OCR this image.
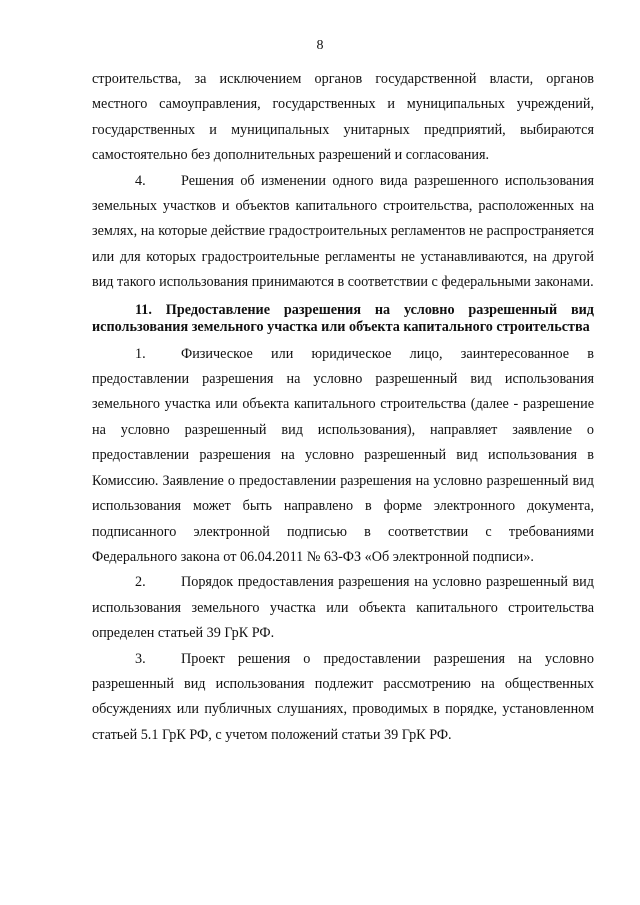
8

строительства, за исключением органов государственной власти, органов местного самоуправления, государственных и муниципальных учреждений, государственных и муниципальных унитарных предприятий, выбираются самостоятельно без дополнительных разрешений и согласования.

4. Решения об изменении одного вида разрешенного использования земельных участков и объектов капитального строительства, расположенных на землях, на которые действие градостроительных регламентов не распространяется или для которых градостроительные регламенты не устанавливаются, на другой вид такого использования принимаются в соответствии с федеральными законами.

11. Предоставление разрешения на условно разрешенный вид использования земельного участка или объекта капитального строительства

1. Физическое или юридическое лицо, заинтересованное в предоставлении разрешения на условно разрешенный вид использования земельного участка или объекта капитального строительства (далее - разрешение на условно разрешенный вид использования), направляет заявление о предоставлении разрешения на условно разрешенный вид использования в Комиссию. Заявление о предоставлении разрешения на условно разрешенный вид использования может быть направлено в форме электронного документа, подписанного электронной подписью в соответствии с требованиями Федерального закона от 06.04.2011 № 63-ФЗ «Об электронной подписи».

2. Порядок предоставления разрешения на условно разрешенный вид использования земельного участка или объекта капитального строительства определен статьей 39 ГрК РФ.

3. Проект решения о предоставлении разрешения на условно разрешенный вид использования подлежит рассмотрению на общественных обсуждениях или публичных слушаниях, проводимых в порядке, установленном статьей 5.1 ГрК РФ, с учетом положений статьи 39 ГрК РФ.
